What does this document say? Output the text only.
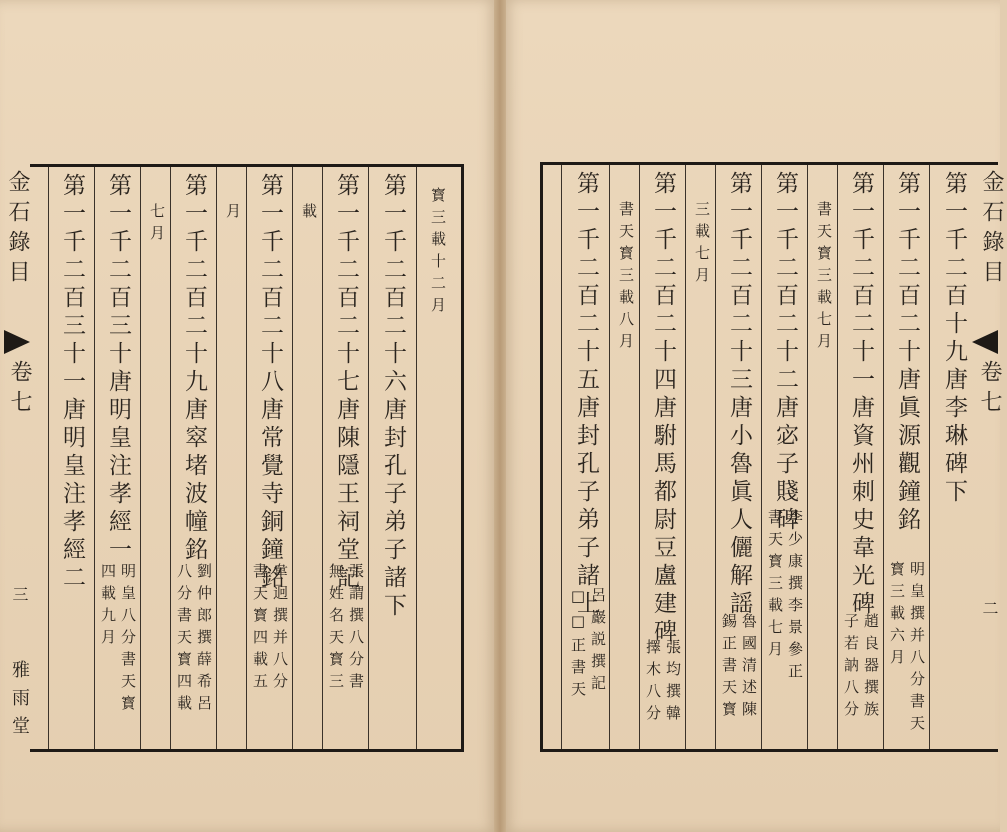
寳三載十二月
第一千二百二十六唐封孔子弟子諸下
第一千二百二十七唐陳隱王祠堂記
張謂撰八分書
無姓名天寳三
載
第一千二百二十八唐常覺寺銅鐘銘
韋迥撰并八分
書天寳四載五
月
第一千二百二十九唐窣堵波幢銘
劉仲郎撰薛希呂
八分書天寳四載
七月
第一千二百三十唐明皇注孝經一
明皇八分書天寳
四載九月
第一千二百三十一唐明皇注孝經二
金石錄目
卷七
三
雅雨堂
第一千二百十九唐李琳碑下
第一千二百二十唐眞源觀鐘銘
明皇撰并八分書天
寳三載六月
第一千二百二十一唐資州刺史韋光碑
趙良器撰族
子若訥八分
書天寳三載七月
第一千二百二十二唐宓子賤碑
李少康撰李景參正
書天寳三載七月
第一千二百二十三唐小魯眞人儷解謡
魯國清述陳
錫正書天寳
三載七月
第一千二百二十四唐駙馬都尉豆盧建碑
張均撰韓
擇木八分
書天寳三載八月
第一千二百二十五唐封孔子弟子諸上
呂巖説撰記
□□正書天
金石錄目
卷七
二
